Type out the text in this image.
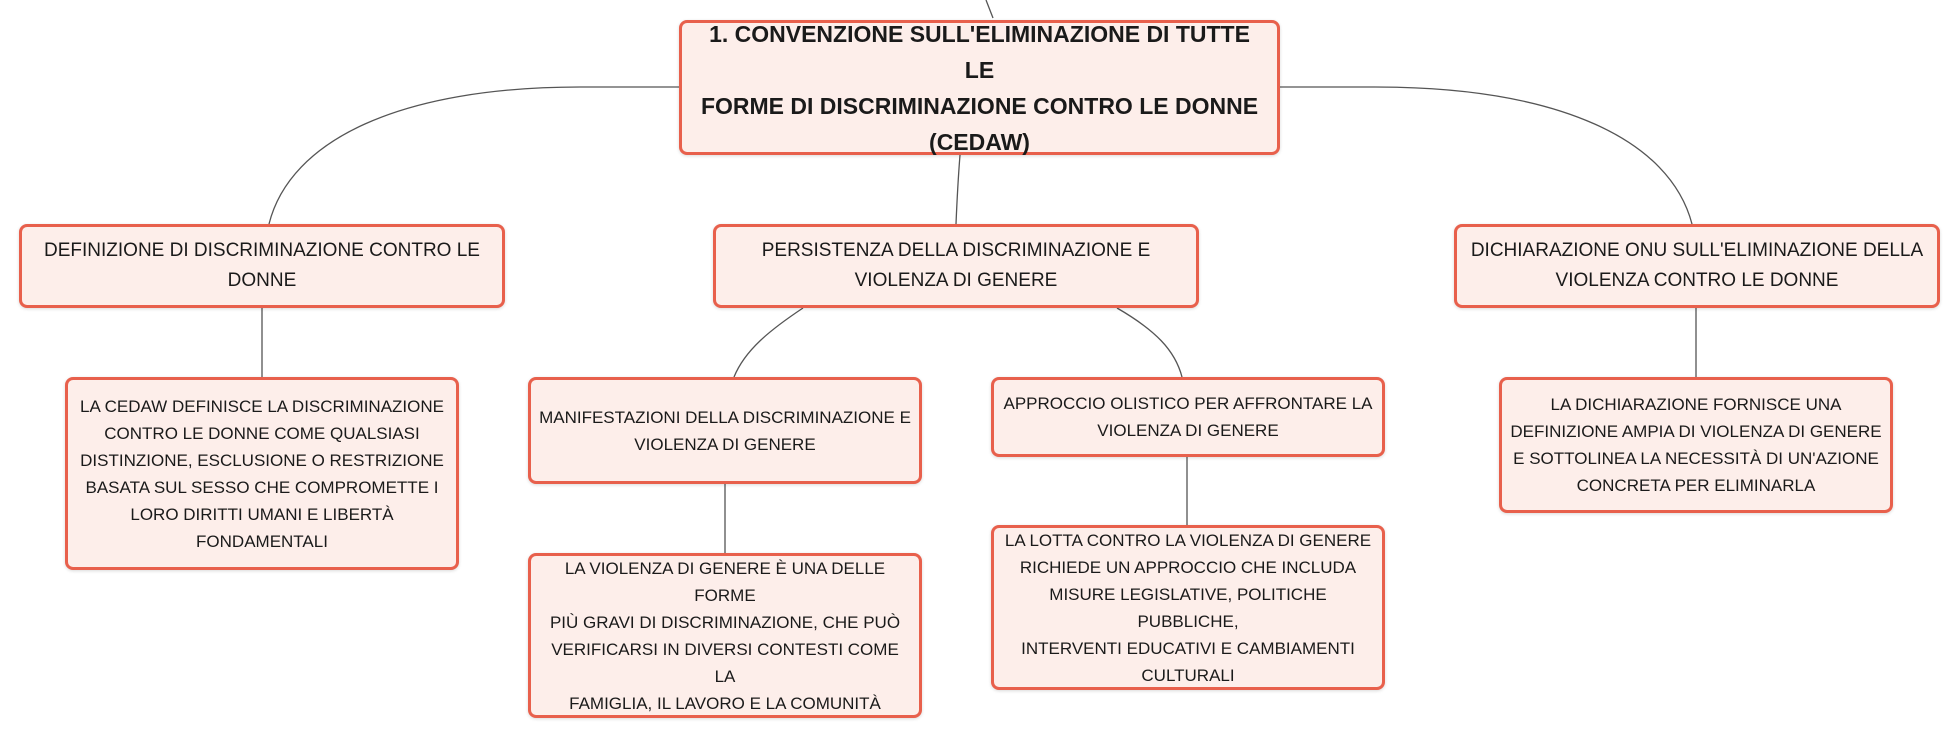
1. CONVENZIONE SULL'ELIMINAZIONE DI TUTTE LE
FORME DI DISCRIMINAZIONE CONTRO LE DONNE
(CEDAW)
DEFINIZIONE DI DISCRIMINAZIONE CONTRO LE
DONNE
PERSISTENZA DELLA DISCRIMINAZIONE E
VIOLENZA DI GENERE
DICHIARAZIONE ONU SULL'ELIMINAZIONE DELLA
VIOLENZA CONTRO LE DONNE
LA CEDAW DEFINISCE LA DISCRIMINAZIONE
CONTRO LE DONNE COME QUALSIASI
DISTINZIONE, ESCLUSIONE O RESTRIZIONE
BASATA SUL SESSO CHE COMPROMETTE I
LORO DIRITTI UMANI E LIBERTÀ
FONDAMENTALI
MANIFESTAZIONI DELLA DISCRIMINAZIONE E
VIOLENZA DI GENERE
LA VIOLENZA DI GENERE È UNA DELLE FORME
PIÙ GRAVI DI DISCRIMINAZIONE, CHE PUÒ
VERIFICARSI IN DIVERSI CONTESTI COME LA
FAMIGLIA, IL LAVORO E LA COMUNITÀ
APPROCCIO OLISTICO PER AFFRONTARE LA
VIOLENZA DI GENERE
LA LOTTA CONTRO LA VIOLENZA DI GENERE
RICHIEDE UN APPROCCIO CHE INCLUDA
MISURE LEGISLATIVE, POLITICHE PUBBLICHE,
INTERVENTI EDUCATIVI E CAMBIAMENTI
CULTURALI
LA DICHIARAZIONE FORNISCE UNA
DEFINIZIONE AMPIA DI VIOLENZA DI GENERE
E SOTTOLINEA LA NECESSITÀ DI UN'AZIONE
CONCRETA PER ELIMINARLA
